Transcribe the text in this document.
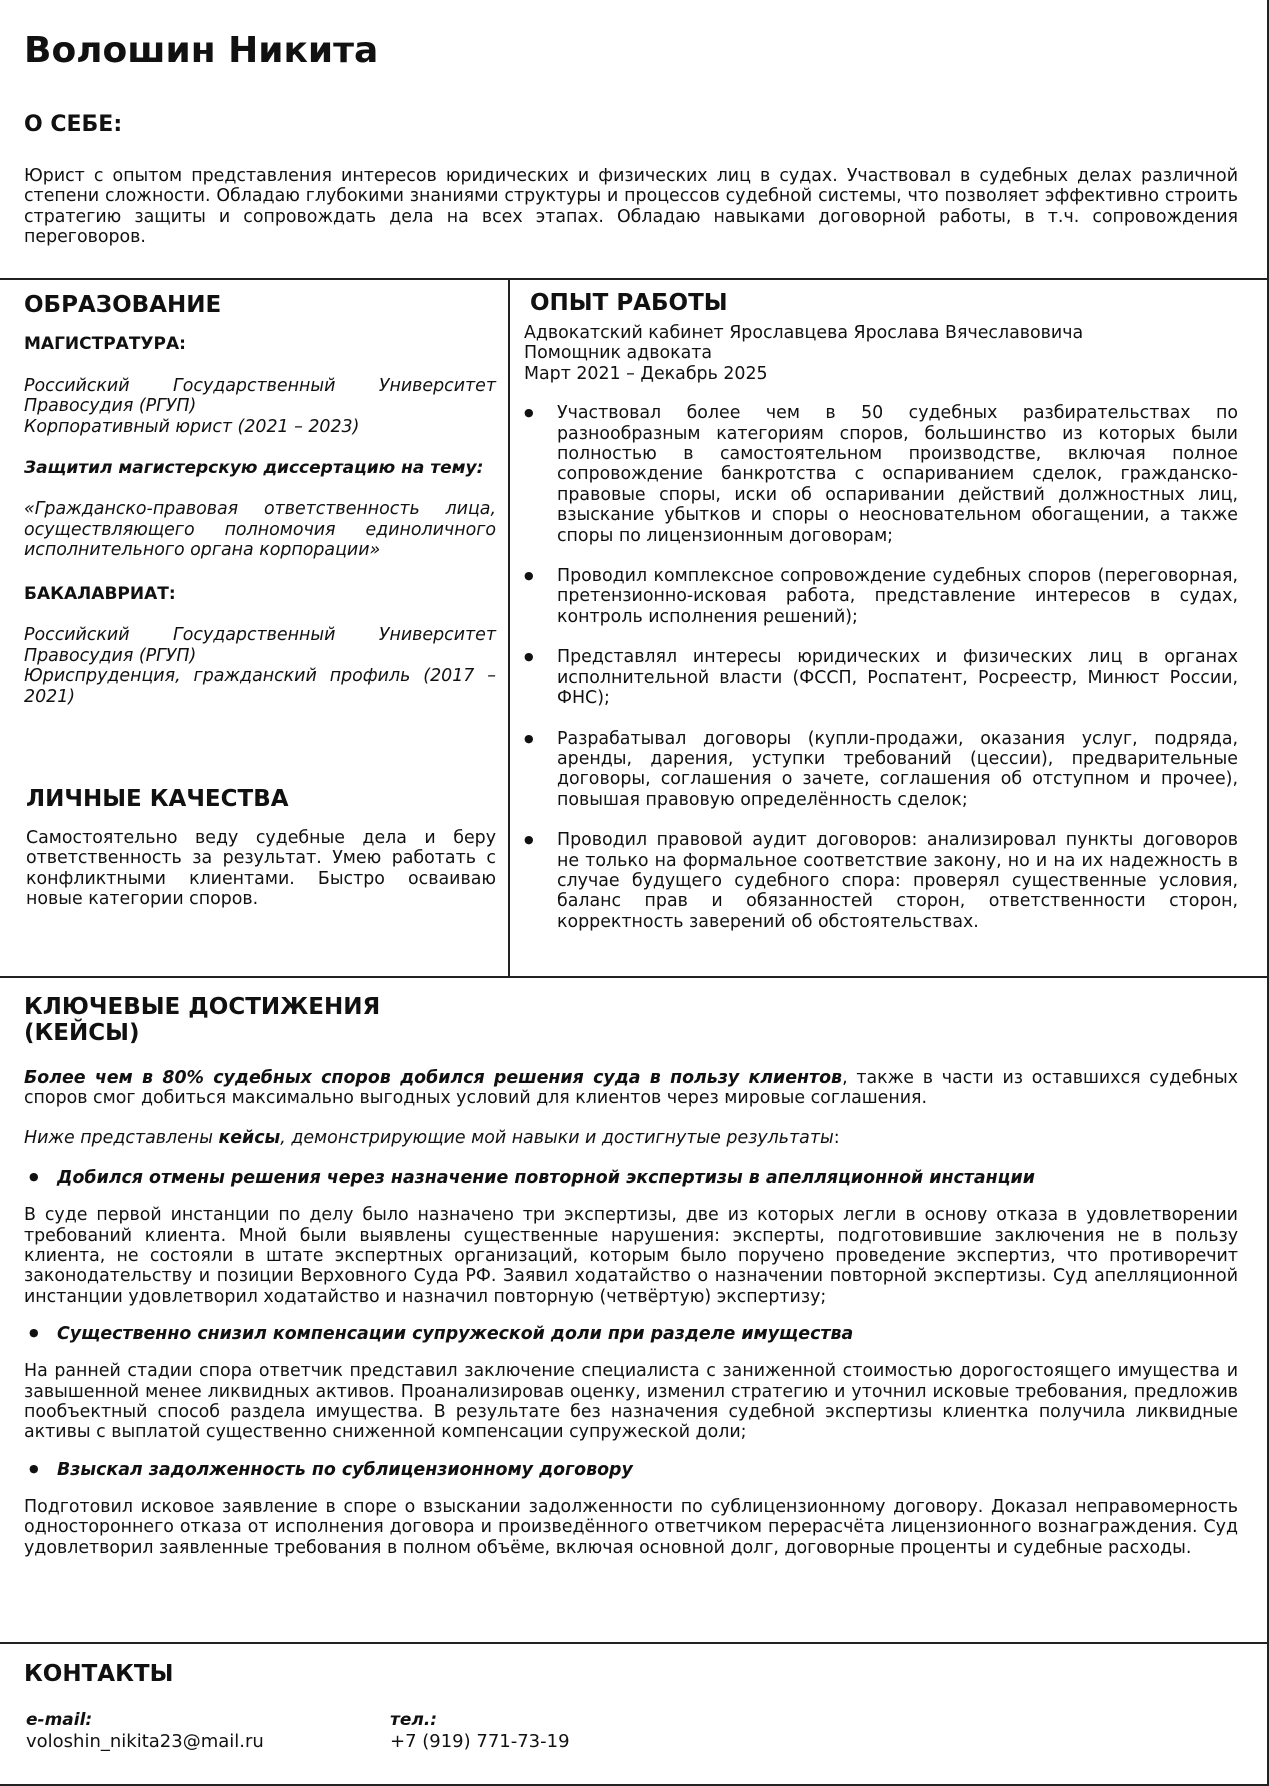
Волошин Никита
О СЕБЕ:
Юрист с опытом представления интересов юридических и физических лиц в судах. Участвовал в судебных делах различной степени сложности. Обладаю глубокими знаниями структуры и процессов судебной системы, что позволяет эффективно строить стратегию защиты и сопровождать дела на всех этапах. Обладаю навыками договорной работы, в т.ч. сопровождения переговоров.
ОБРАЗОВАНИЕ
МАГИСТРАТУРА:
Российский Государственный Университет Правосудия (РГУП)
Корпоративный юрист (2021 – 2023)
Защитил магистерскую диссертацию на тему:
«Гражданско-правовая ответственность лица, осуществляющего полномочия единоличного исполнительного органа корпорации»
БАКАЛАВРИАТ:
Российский Государственный Университет Правосудия (РГУП)
Юриспруденция, гражданский профиль (2017 – 2021)
ЛИЧНЫЕ КАЧЕСТВА
Самостоятельно веду судебные дела и беру ответственность за результат. Умею работать с конфликтными клиентами. Быстро осваиваю новые категории споров.
ОПЫТ РАБОТЫ
Адвокатский кабинет Ярославцева Ярослава Вячеславовича
Помощник адвоката
Март 2021 – Декабрь 2025
● Участвовал более чем в 50 судебных разбирательствах по разнообразным категориям споров, большинство из которых были полностью в самостоятельном производстве, включая полное сопровождение банкротства с оспариванием сделок, гражданско-правовые споры, иски об оспаривании действий должностных лиц, взыскание убытков и споры о неосновательном обогащении, а также споры по лицензионным договорам;
● Проводил комплексное сопровождение судебных споров (переговорная, претензионно-исковая работа, представление интересов в судах, контроль исполнения решений);
● Представлял интересы юридических и физических лиц в органах исполнительной власти (ФССП, Роспатент, Росреестр, Минюст России, ФНС);
● Разрабатывал договоры (купли-продажи, оказания услуг, подряда, аренды, дарения, уступки требований (цессии), предварительные договоры, соглашения о зачете, соглашения об отступном и прочее), повышая правовую определённость сделок;
● Проводил правовой аудит договоров: анализировал пункты договоров не только на формальное соответствие закону, но и на их надежность в случае будущего судебного спора: проверял существенные условия, баланс прав и обязанностей сторон, ответственности сторон, корректность заверений об обстоятельствах.
КЛЮЧЕВЫЕ ДОСТИЖЕНИЯ
(КЕЙСЫ)
Более чем в 80% судебных споров добился решения суда в пользу клиентов, также в части из оставшихся судебных споров смог добиться максимально выгодных условий для клиентов через мировые соглашения.
Ниже представлены кейсы, демонстрирующие мой навыки и достигнутые результаты:
● Добился отмены решения через назначение повторной экспертизы в апелляционной инстанции
В суде первой инстанции по делу было назначено три экспертизы, две из которых легли в основу отказа в удовлетворении требований клиента. Мной были выявлены существенные нарушения: эксперты, подготовившие заключения не в пользу клиента, не состояли в штате экспертных организаций, которым было поручено проведение экспертиз, что противоречит законодательству и позиции Верховного Суда РФ. Заявил ходатайство о назначении повторной экспертизы. Суд апелляционной инстанции удовлетворил ходатайство и назначил повторную (четвёртую) экспертизу;
● Существенно снизил компенсации супружеской доли при разделе имущества
На ранней стадии спора ответчик представил заключение специалиста с заниженной стоимостью дорогостоящего имущества и завышенной менее ликвидных активов. Проанализировав оценку, изменил стратегию и уточнил исковые требования, предложив пообъектный способ раздела имущества. В результате без назначения судебной экспертизы клиентка получила ликвидные активы с выплатой существенно сниженной компенсации супружеской доли;
● Взыскал задолженность по сублицензионному договору
Подготовил исковое заявление в споре о взыскании задолженности по сублицензионному договору. Доказал неправомерность одностороннего отказа от исполнения договора и произведённого ответчиком перерасчёта лицензионного вознаграждения. Суд удовлетворил заявленные требования в полном объёме, включая основной долг, договорные проценты и судебные расходы.
КОНТАКТЫ
e-mail:
voloshin_nikita23@mail.ru
тел.:
+7 (919) 771-73-19
